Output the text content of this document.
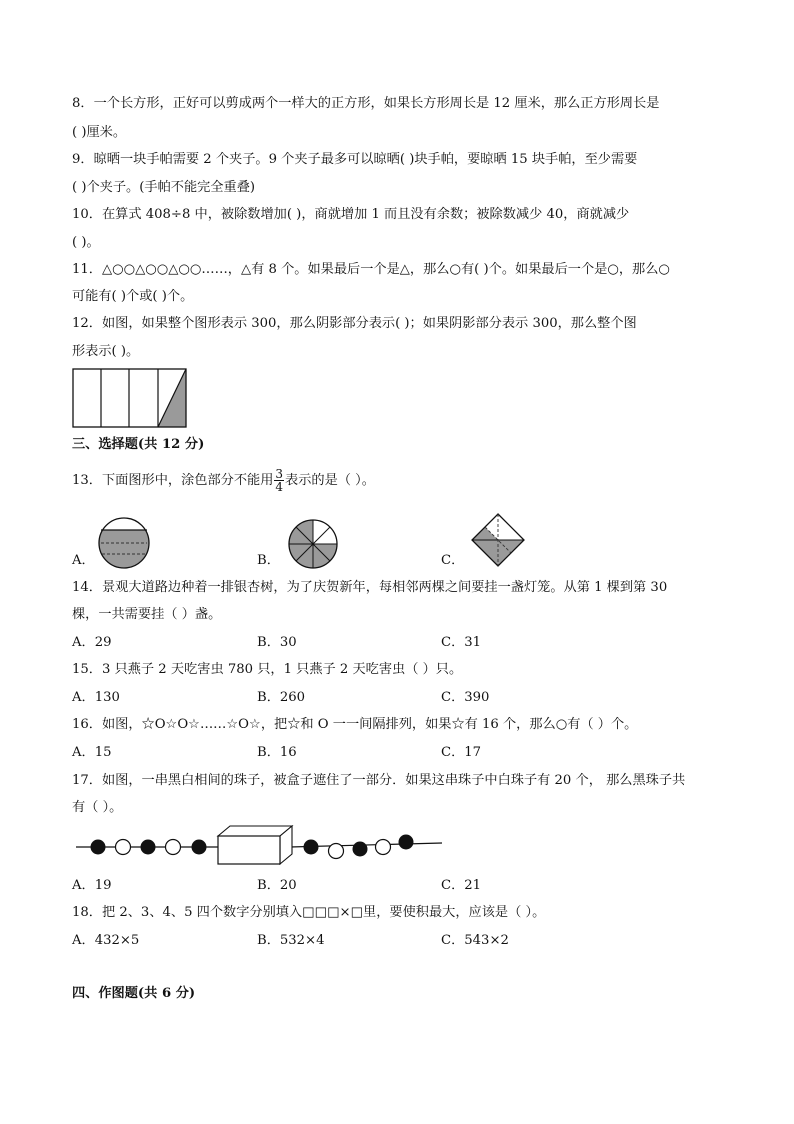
8．一个长方形，正好可以剪成两个一样大的正方形，如果长方形周长是 12 厘米，那么正方形周长是
( )厘米。
9．晾晒一块手帕需要 2 个夹子。9 个夹子最多可以晾晒( )块手帕，要晾晒 15 块手帕，至少需要
( )个夹子。(手帕不能完全重叠)
10．在算式 408÷8 中，被除数增加( )，商就增加 1 而且没有余数；被除数减少 40，商就减少
( )。
11．△○○△○○△○○……，△有 8 个。如果最后一个是△，那么○有( )个。如果最后一个是○，那么○
可能有( )个或( )个。
12．如图，如果整个图形表示 300，那么阴影部分表示( )；如果阴影部分表示 300，那么整个图
形表示( )。
三、选择题(共 12 分)
13．下面图形中，涂色部分不能用 $\frac{3}{4}$ 表示的是（ ）。
A．	B．	C．
14．景观大道路边种着一排银杏树，为了庆贺新年，每相邻两棵之间要挂一盏灯笼。从第 1 棵到第 30
棵，一共需要挂（ ）盏。
A．29	B．30	C．31
15．3 只燕子 2 天吃害虫 780 只，1 只燕子 2 天吃害虫（ ）只。
A．130	B．260	C．390
16．如图，☆O☆O☆……☆O☆，把☆和 O 一一间隔排列，如果☆有 16 个，那么○有（ ）个。
A．15	B．16	C．17
17．如图，一串黑白相间的珠子，被盒子遮住了一部分．如果这串珠子中白珠子有 20 个， 那么黑珠子共
有（ ）。
A．19	B．20	C．21
18．把 2、3、4、5 四个数字分别填入□□□×□里，要使积最大，应该是（ ）。
A．432×5	B．532×4	C．543×2
四、作图题(共 6 分)
